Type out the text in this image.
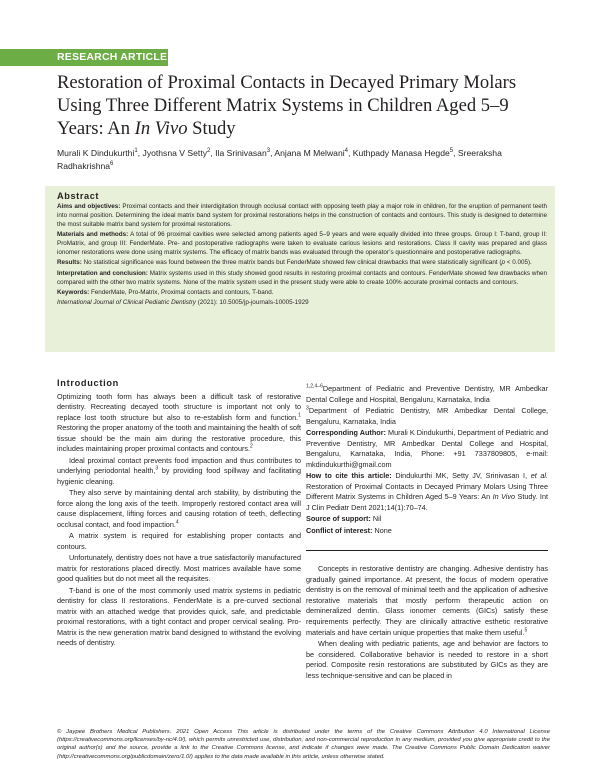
RESEARCH ARTICLE
Restoration of Proximal Contacts in Decayed Primary Molars Using Three Different Matrix Systems in Children Aged 5–9 Years: An In Vivo Study

Murali K Dindukurthi$^1$, Jyothsna V Setty$^2$, Ila Srinivasan$^3$, Anjana M Melwani$^4$, Kuthpady Manasa Hegde$^5$, Sreeraksha Radhakrishna$^6$

Abstract

Aims and objectives: Proximal contacts and their interdigitation through occlusal contact with opposing teeth play a major role in children, for the eruption of permanent teeth into normal position. Determining the ideal matrix band system for proximal restorations helps in the construction of contacts and contours. This study is designed to determine the most suitable matrix band system for proximal restorations.

Materials and methods: A total of 96 proximal cavities were selected among patients aged 5–9 years and were equally divided into three groups. Group I: T-band, group II: ProMatrix, and group III: FenderMate. Pre- and postoperative radiographs were taken to evaluate carious lesions and restorations. Class II cavity was prepared and glass ionomer restorations were done using matrix systems. The efficacy of matrix bands was evaluated through the operator’s questionnaire and postoperative radiographs.

Results: No statistical significance was found between the three matrix bands but FenderMate showed few clinical drawbacks that were statistically significant (p < 0.005).

Interpretation and conclusion: Matrix systems used in this study showed good results in restoring proximal contacts and contours. FenderMate showed few drawbacks when compared with the other two matrix systems. None of the matrix system used in the present study were able to create 100% accurate proximal contacts and contours.

Keywords: FenderMate, Pro-Matrix, Proximal contacts and contours, T-band.

International Journal of Clinical Pediatric Dentistry (2021): 10.5005/jp-journals-10005-1929

Introduction

Optimizing tooth form has always been a difficult task of restorative dentistry. Recreating decayed tooth structure is important not only to replace lost tooth structure but also to re-establish form and function.$^1$ Restoring the proper anatomy of the tooth and maintaining the health of soft tissue should be the main aim during the restorative procedure, this includes maintaining proper proximal contacts and contours.$^2$

Ideal proximal contact prevents food impaction and thus contributes to underlying periodontal health,$^3$ by providing food spillway and facilitating hygienic cleaning.

They also serve by maintaining dental arch stability, by distributing the force along the long axis of the teeth. Improperly restored contact area will cause displacement, lifting forces and causing rotation of teeth, deflecting occlusal contact, and food impaction.$^4$

A matrix system is required for establishing proper contacts and contours.

Unfortunately, dentistry does not have a true satisfactorily manufactured matrix for restorations placed directly. Most matrices available have some good qualities but do not meet all the requisites.

T-band is one of the most commonly used matrix systems in pediatric dentistry for class II restorations. FenderMate is a pre-curved sectional matrix with an attached wedge that provides quick, safe, and predictable proximal restorations, with a tight contact and proper cervical sealing. Pro-Matrix is the new generation matrix band designed to withstand the evolving needs of dentistry.

$^{1,2,4-6}$Department of Pediatric and Preventive Dentistry, MR Ambedkar Dental College and Hospital, Bengaluru, Karnataka, India

$^3$Department of Pediatric Dentistry, MR Ambedkar Dental College, Bengaluru, Karnataka, India

Corresponding Author: Murali K Dindukurthi, Department of Pediatric and Preventive Dentistry, MR Ambedkar Dental College and Hospital, Bengaluru, Karnataka, India, Phone: +91 7337809805, e-mail: mkdindukurthi@gmail.com

How to cite this article: Dindukurthi MK, Setty JV, Srinivasan I, et al. Restoration of Proximal Contacts in Decayed Primary Molars Using Three Different Matrix Systems in Children Aged 5–9 Years: An In Vivo Study. Int J Clin Pediatr Dent 2021;14(1):70–74.

Source of support: Nil

Conflict of interest: None

Concepts in restorative dentistry are changing. Adhesive dentistry has gradually gained importance. At present, the focus of modern operative dentistry is on the removal of minimal teeth and the application of adhesive restorative materials that mostly perform therapeutic action on demineralized dentin. Glass ionomer cements (GICs) satisfy these requirements perfectly. They are clinically attractive esthetic restorative materials and have certain unique properties that make them useful.$^5$

When dealing with pediatric patients, age and behavior are factors to be considered. Collaborative behavior is needed to restore in a short period. Composite resin restorations are substituted by GICs as they are less technique-sensitive and can be placed in

© Jaypee Brothers Medical Publishers. 2021 Open Access This article is distributed under the terms of the Creative Commons Attribution 4.0 International License (https://creativecommons.org/licenses/by-nc/4.0/), which permits unrestricted use, distribution, and non-commercial reproduction in any medium, provided you give appropriate credit to the original author(s) and the source, provide a link to the Creative Commons license, and indicate if changes were made. The Creative Commons Public Domain Dedication waiver (http://creativecommons.org/publicdomain/zero/1.0/) applies to the data made available in this article, unless otherwise stated.
